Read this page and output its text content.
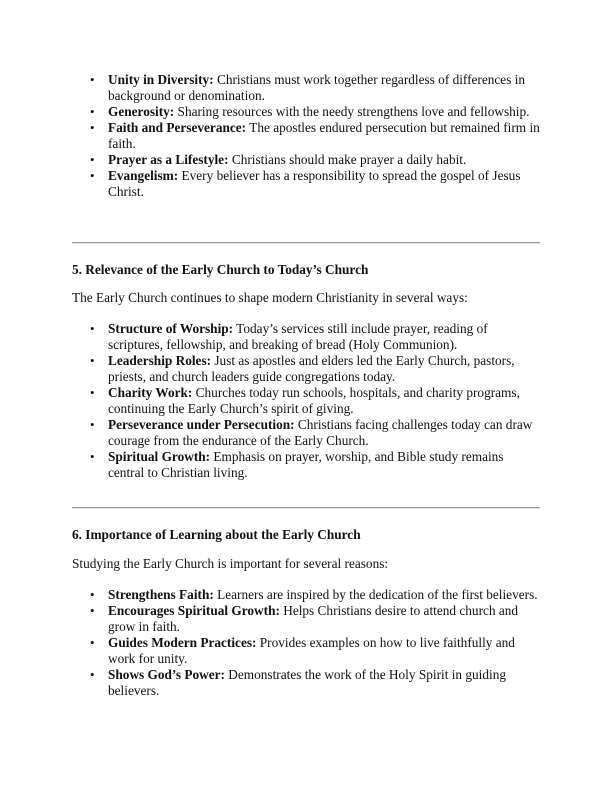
• Unity in Diversity: Christians must work together regardless of differences in background or denomination.
• Generosity: Sharing resources with the needy strengthens love and fellowship.
• Faith and Perseverance: The apostles endured persecution but remained firm in faith.
• Prayer as a Lifestyle: Christians should make prayer a daily habit.
• Evangelism: Every believer has a responsibility to spread the gospel of Jesus Christ.
5. Relevance of the Early Church to Today’s Church

The Early Church continues to shape modern Christianity in several ways:

• Structure of Worship: Today’s services still include prayer, reading of scriptures, fellowship, and breaking of bread (Holy Communion).
• Leadership Roles: Just as apostles and elders led the Early Church, pastors, priests, and church leaders guide congregations today.
• Charity Work: Churches today run schools, hospitals, and charity programs, continuing the Early Church’s spirit of giving.
• Perseverance under Persecution: Christians facing challenges today can draw courage from the endurance of the Early Church.
• Spiritual Growth: Emphasis on prayer, worship, and Bible study remains central to Christian living.
6. Importance of Learning about the Early Church

Studying the Early Church is important for several reasons:

• Strengthens Faith: Learners are inspired by the dedication of the first believers.
• Encourages Spiritual Growth: Helps Christians desire to attend church and grow in faith.
• Guides Modern Practices: Provides examples on how to live faithfully and work for unity.
• Shows God’s Power: Demonstrates the work of the Holy Spirit in guiding believers.
